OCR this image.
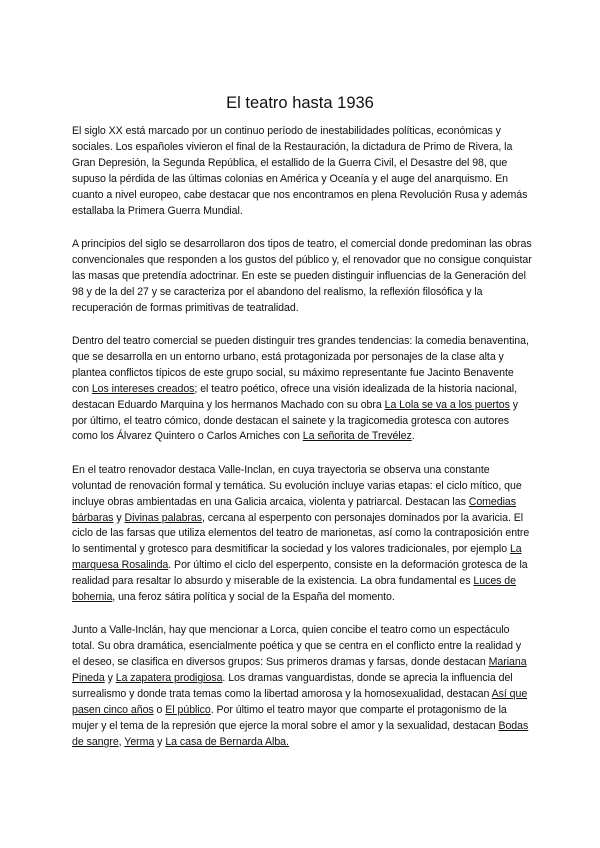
El teatro hasta 1936

El siglo XX está marcado por un continuo período de inestabilidades políticas, económicas y sociales. Los españoles vivieron el final de la Restauración, la dictadura de Primo de Rivera, la Gran Depresión, la Segunda República, el estallido de la Guerra Civil, el Desastre del 98, que supuso la pérdida de las últimas colonias en América y Oceanía y el auge del anarquismo. En cuanto a nivel europeo, cabe destacar que nos encontramos en plena Revolución Rusa y además estallaba la Primera Guerra Mundial.

A principios del siglo se desarrollaron dos tipos de teatro, el comercial donde predominan las obras convencionales que responden a los gustos del público y, el renovador que no consigue conquistar las masas que pretendía adoctrinar. En este se pueden distinguir influencias de la Generación del 98 y de la del 27 y se caracteriza por el abandono del realismo, la reflexión filosófica y la recuperación de formas primitivas de teatralidad.

Dentro del teatro comercial se pueden distinguir tres grandes tendencias: la comedia benaventina, que se desarrolla en un entorno urbano, está protagonizada por personajes de la clase alta y plantea conflictos típicos de este grupo social, su máximo representante fue Jacinto Benavente con Los intereses creados; el teatro poético, ofrece una visión idealizada de la historia nacional, destacan Eduardo Marquina y los hermanos Machado con su obra La Lola se va a los puertos y por último, el teatro cómico, donde destacan el sainete y la tragicomedia grotesca con autores como los Álvarez Quintero o Carlos Arniches con La señorita de Trevélez.

En el teatro renovador destaca Valle-Inclan, en cuya trayectoria se observa una constante voluntad de renovación formal y temática. Su evolución incluye varias etapas: el ciclo mítico, que incluye obras ambientadas en una Galicia arcaica, violenta y patriarcal. Destacan las Comedias bárbaras y Divinas palabras, cercana al esperpento con personajes dominados por la avaricia. El ciclo de las farsas que utiliza elementos del teatro de marionetas, así como la contraposición entre lo sentimental y grotesco para desmitificar la sociedad y los valores tradicionales, por ejemplo La marquesa Rosalinda. Por último el ciclo del esperpento, consiste en la deformación grotesca de la realidad para resaltar lo absurdo y miserable de la existencia. La obra fundamental es Luces de bohemia, una feroz sátira política y social de la España del momento.

Junto a Valle-Inclán, hay que mencionar a Lorca, quien concibe el teatro como un espectáculo total. Su obra dramática, esencialmente poética y que se centra en el conflicto entre la realidad y el deseo, se clasifica en diversos grupos: Sus primeros dramas y farsas, donde destacan Mariana Pineda y La zapatera prodigiosa. Los dramas vanguardistas, donde se aprecia la influencia del surrealismo y donde trata temas como la libertad amorosa y la homosexualidad, destacan Así que pasen cinco años o El público. Por último el teatro mayor que comparte el protagonismo de la mujer y el tema de la represión que ejerce la moral sobre el amor y la sexualidad, destacan Bodas de sangre, Yerma y La casa de Bernarda Alba.
